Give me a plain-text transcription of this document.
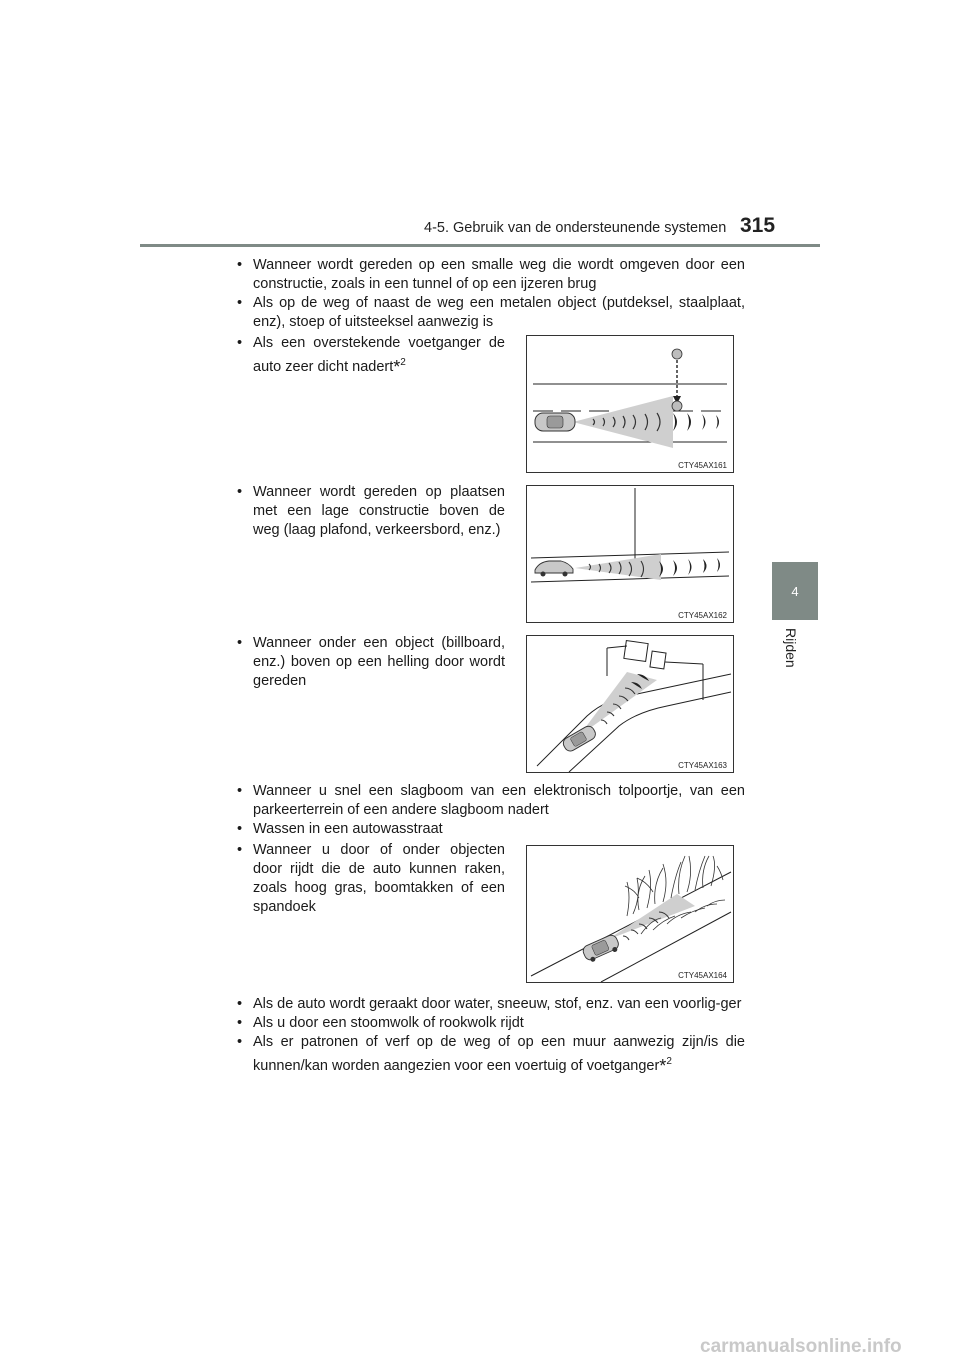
4-5. Gebruik van de ondersteunende systemen 315
4
Rijden

• Wanneer wordt gereden op een smalle weg die wordt omgeven door een constructie, zoals in een tunnel of op een ijzeren brug

• Als op de weg of naast de weg een metalen object (putdeksel, staalplaat, enz), stoep of uitsteeksel aanwezig is

• Als een overstekende voetganger de auto zeer dicht nadert*$^2$

CTY45AX161

• Wanneer wordt gereden op plaatsen met een lage constructie boven de weg (laag plafond, verkeersbord, enz.)

CTY45AX162

• Wanneer onder een object (billboard, enz.) boven op een helling door wordt gereden

CTY45AX163

• Wanneer u snel een slagboom van een elektronisch tolpoortje, van een parkeerterrein of een andere slagboom nadert

• Wassen in een autowasstraat

• Wanneer u door of onder objecten door rijdt die de auto kunnen raken, zoals hoog gras, boomtakken of een spandoek

CTY45AX164

• Als de auto wordt geraakt door water, sneeuw, stof, enz. van een voorlig-ger

• Als u door een stoomwolk of rookwolk rijdt

• Als er patronen of verf op de weg of op een muur aanwezig zijn/is die kunnen/kan worden aangezien voor een voertuig of voetganger*$^2$

carmanualsonline.info
